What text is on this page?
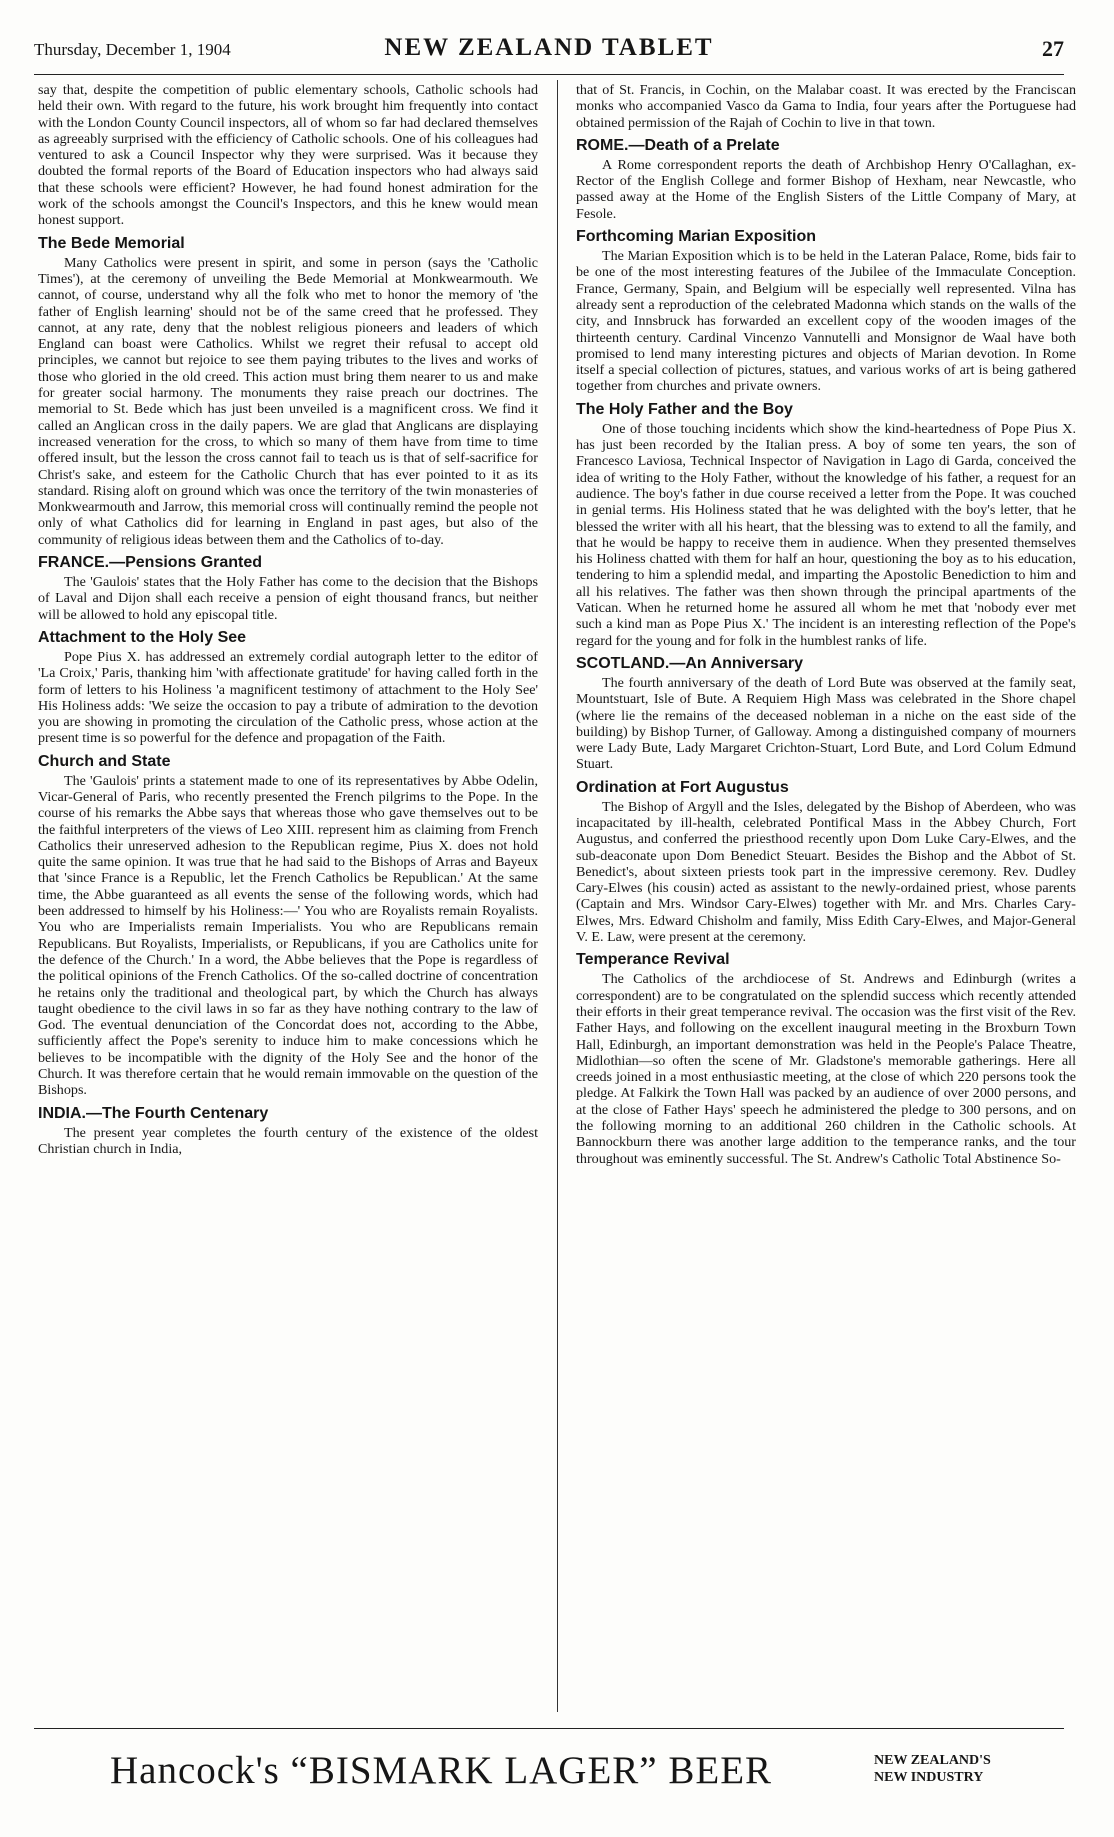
Thursday, December 1, 1904	NEW ZEALAND TABLET	27

say that, despite the competition of public elementary schools, Catholic schools had held their own. With regard to the future, his work brought him frequently into contact with the London County Council inspectors, all of whom so far had declared themselves as agreeably surprised with the efficiency of Catholic schools. One of his colleagues had ventured to ask a Council Inspector why they were surprised. Was it because they doubted the formal reports of the Board of Education inspectors who had always said that these schools were efficient? However, he had found honest admiration for the work of the schools amongst the Council's Inspectors, and this he knew would mean honest support.

The Bede Memorial

Many Catholics were present in spirit, and some in person (says the 'Catholic Times'), at the ceremony of unveiling the Bede Memorial at Monkwearmouth. We cannot, of course, understand why all the folk who met to honor the memory of 'the father of English learning' should not be of the same creed that he professed. They cannot, at any rate, deny that the noblest religious pioneers and leaders of which England can boast were Catholics. Whilst we regret their refusal to accept old principles, we cannot but rejoice to see them paying tributes to the lives and works of those who gloried in the old creed. This action must bring them nearer to us and make for greater social harmony. The monuments they raise preach our doctrines. The memorial to St. Bede which has just been unveiled is a magnificent cross. We find it called an Anglican cross in the daily papers. We are glad that Anglicans are displaying increased veneration for the cross, to which so many of them have from time to time offered insult, but the lesson the cross cannot fail to teach us is that of self-sacrifice for Christ's sake, and esteem for the Catholic Church that has ever pointed to it as its standard. Rising aloft on ground which was once the territory of the twin monasteries of Monkwearmouth and Jarrow, this memorial cross will continually remind the people not only of what Catholics did for learning in England in past ages, but also of the community of religious ideas between them and the Catholics of to-day.

FRANCE.—Pensions Granted

The 'Gaulois' states that the Holy Father has come to the decision that the Bishops of Laval and Dijon shall each receive a pension of eight thousand francs, but neither will be allowed to hold any episcopal title.

Attachment to the Holy See

Pope Pius X. has addressed an extremely cordial autograph letter to the editor of 'La Croix,' Paris, thanking him 'with affectionate gratitude' for having called forth in the form of letters to his Holiness 'a magnificent testimony of attachment to the Holy See' His Holiness adds: 'We seize the occasion to pay a tribute of admiration to the devotion you are showing in promoting the circulation of the Catholic press, whose action at the present time is so powerful for the defence and propagation of the Faith.

Church and State

The 'Gaulois' prints a statement made to one of its representatives by Abbe Odelin, Vicar-General of Paris, who recently presented the French pilgrims to the Pope. In the course of his remarks the Abbe says that whereas those who gave themselves out to be the faithful interpreters of the views of Leo XIII. represent him as claiming from French Catholics their unreserved adhesion to the Republican regime, Pius X. does not hold quite the same opinion. It was true that he had said to the Bishops of Arras and Bayeux that 'since France is a Republic, let the French Catholics be Republican.' At the same time, the Abbe guaranteed as all events the sense of the following words, which had been addressed to himself by his Holiness:—' You who are Royalists remain Royalists. You who are Imperialists remain Imperialists. You who are Republicans remain Republicans. But Royalists, Imperialists, or Republicans, if you are Catholics unite for the defence of the Church.' In a word, the Abbe believes that the Pope is regardless of the political opinions of the French Catholics. Of the so-called doctrine of concentration he retains only the traditional and theological part, by which the Church has always taught obedience to the civil laws in so far as they have nothing contrary to the law of God. The eventual denunciation of the Concordat does not, according to the Abbe, sufficiently affect the Pope's serenity to induce him to make concessions which he believes to be incompatible with the dignity of the Holy See and the honor of the Church. It was therefore certain that he would remain immovable on the question of the Bishops.

INDIA.—The Fourth Centenary

The present year completes the fourth century of the existence of the oldest Christian church in India,

that of St. Francis, in Cochin, on the Malabar coast. It was erected by the Franciscan monks who accompanied Vasco da Gama to India, four years after the Portuguese had obtained permission of the Rajah of Cochin to live in that town.

ROME.—Death of a Prelate

A Rome correspondent reports the death of Archbishop Henry O'Callaghan, ex-Rector of the English College and former Bishop of Hexham, near Newcastle, who passed away at the Home of the English Sisters of the Little Company of Mary, at Fesole.

Forthcoming Marian Exposition

The Marian Exposition which is to be held in the Lateran Palace, Rome, bids fair to be one of the most interesting features of the Jubilee of the Immaculate Conception. France, Germany, Spain, and Belgium will be especially well represented. Vilna has already sent a reproduction of the celebrated Madonna which stands on the walls of the city, and Innsbruck has forwarded an excellent copy of the wooden images of the thirteenth century. Cardinal Vincenzo Vannutelli and Monsignor de Waal have both promised to lend many interesting pictures and objects of Marian devotion. In Rome itself a special collection of pictures, statues, and various works of art is being gathered together from churches and private owners.

The Holy Father and the Boy

One of those touching incidents which show the kind-heartedness of Pope Pius X. has just been recorded by the Italian press. A boy of some ten years, the son of Francesco Laviosa, Technical Inspector of Navigation in Lago di Garda, conceived the idea of writing to the Holy Father, without the knowledge of his father, a request for an audience. The boy's father in due course received a letter from the Pope. It was couched in genial terms. His Holiness stated that he was delighted with the boy's letter, that he blessed the writer with all his heart, that the blessing was to extend to all the family, and that he would be happy to receive them in audience. When they presented themselves his Holiness chatted with them for half an hour, questioning the boy as to his education, tendering to him a splendid medal, and imparting the Apostolic Benediction to him and all his relatives. The father was then shown through the principal apartments of the Vatican. When he returned home he assured all whom he met that 'nobody ever met such a kind man as Pope Pius X.' The incident is an interesting reflection of the Pope's regard for the young and for folk in the humblest ranks of life.

SCOTLAND.—An Anniversary

The fourth anniversary of the death of Lord Bute was observed at the family seat, Mountstuart, Isle of Bute. A Requiem High Mass was celebrated in the Shore chapel (where lie the remains of the deceased nobleman in a niche on the east side of the building) by Bishop Turner, of Galloway. Among a distinguished company of mourners were Lady Bute, Lady Margaret Crichton-Stuart, Lord Bute, and Lord Colum Edmund Stuart.

Ordination at Fort Augustus

The Bishop of Argyll and the Isles, delegated by the Bishop of Aberdeen, who was incapacitated by ill-health, celebrated Pontifical Mass in the Abbey Church, Fort Augustus, and conferred the priesthood recently upon Dom Luke Cary-Elwes, and the sub-deaconate upon Dom Benedict Steuart. Besides the Bishop and the Abbot of St. Benedict's, about sixteen priests took part in the impressive ceremony. Rev. Dudley Cary-Elwes (his cousin) acted as assistant to the newly-ordained priest, whose parents (Captain and Mrs. Windsor Cary-Elwes) together with Mr. and Mrs. Charles Cary-Elwes, Mrs. Edward Chisholm and family, Miss Edith Cary-Elwes, and Major-General V. E. Law, were present at the ceremony.

Temperance Revival

The Catholics of the archdiocese of St. Andrews and Edinburgh (writes a correspondent) are to be congratulated on the splendid success which recently attended their efforts in their great temperance revival. The occasion was the first visit of the Rev. Father Hays, and following on the excellent inaugural meeting in the Broxburn Town Hall, Edinburgh, an important demonstration was held in the People's Palace Theatre, Midlothian—so often the scene of Mr. Gladstone's memorable gatherings. Here all creeds joined in a most enthusiastic meeting, at the close of which 220 persons took the pledge. At Falkirk the Town Hall was packed by an audience of over 2000 persons, and at the close of Father Hays' speech he administered the pledge to 300 persons, and on the following morning to an additional 260 children in the Catholic schools. At Bannockburn there was another large addition to the temperance ranks, and the tour throughout was eminently successful. The St. Andrew's Catholic Total Abstinence So-

Hancock's “BISMARK LAGER” BEER	NEW ZEALAND'S
NEW INDUSTRY
